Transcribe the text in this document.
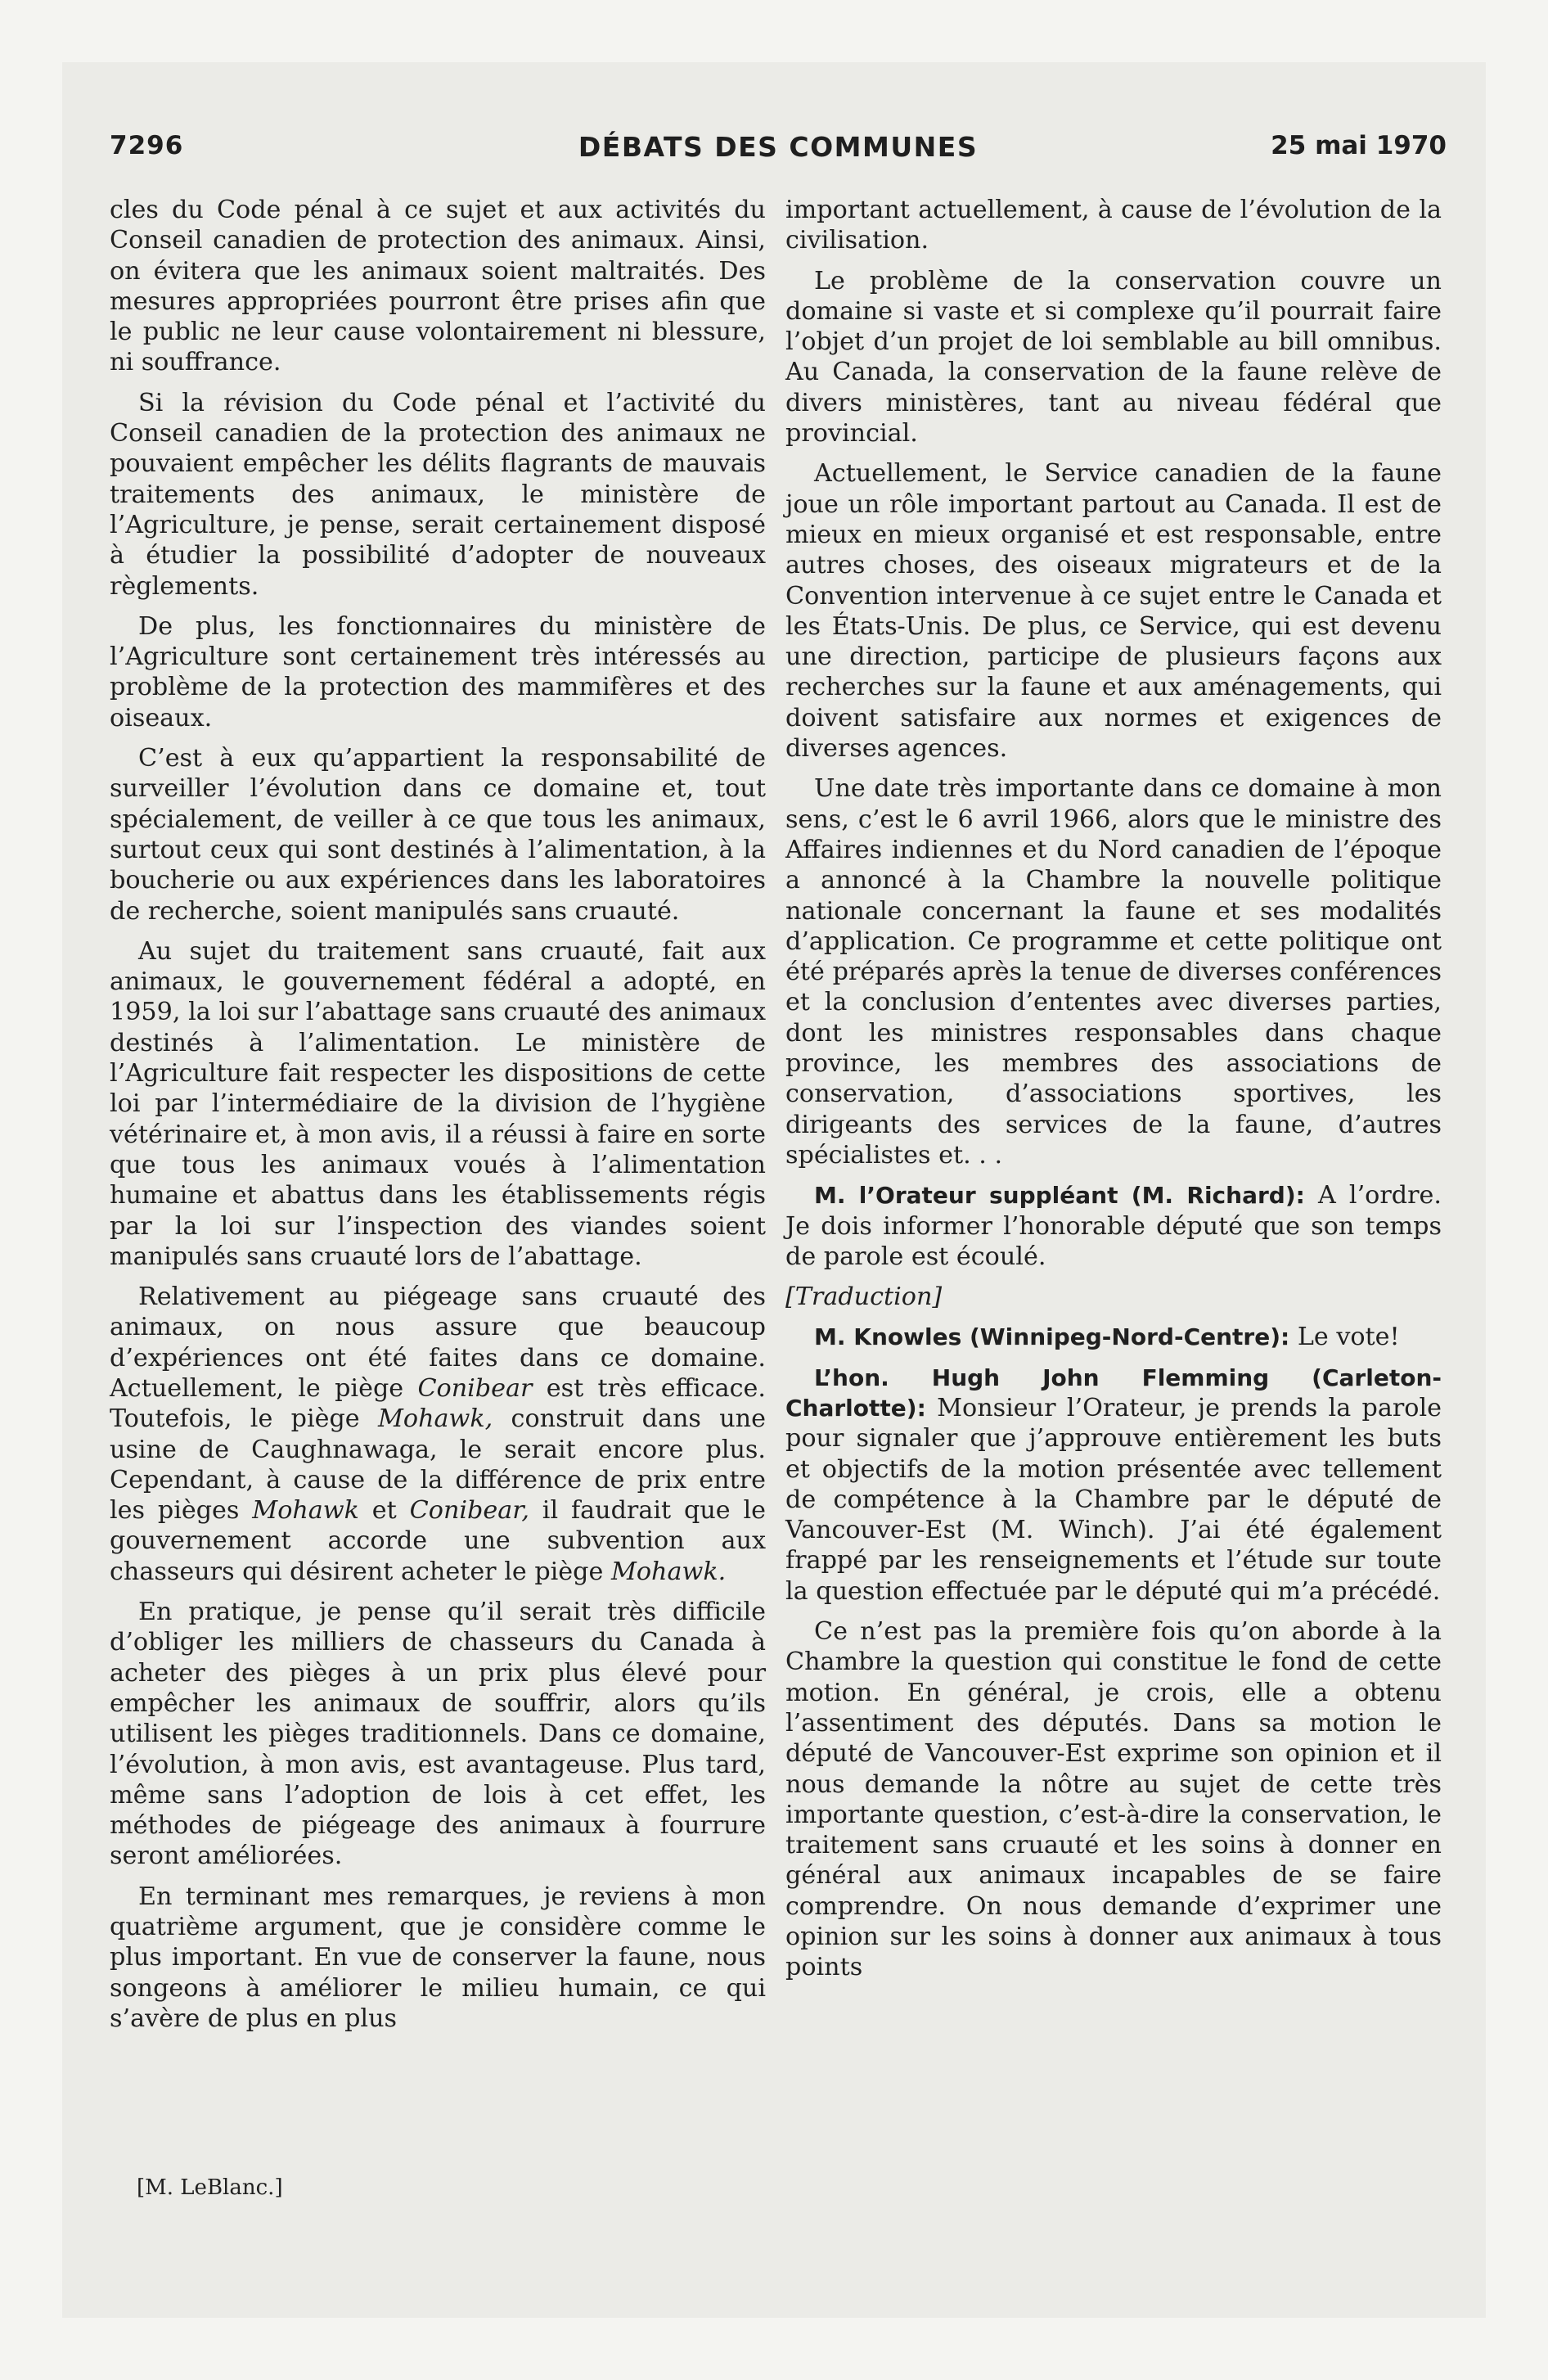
7296	DÉBATS DES COMMUNES	25 mai 1970

cles du Code pénal à ce sujet et aux activités du Conseil canadien de protection des animaux. Ainsi, on évitera que les animaux soient maltraités. Des mesures appropriées pourront être prises afin que le public ne leur cause volontairement ni blessure, ni souffrance.

Si la révision du Code pénal et l’activité du Conseil canadien de la protection des animaux ne pouvaient empêcher les délits flagrants de mauvais traitements des animaux, le ministère de l’Agriculture, je pense, serait certainement disposé à étudier la possibilité d’adopter de nouveaux règlements.

De plus, les fonctionnaires du ministère de l’Agriculture sont certainement très intéressés au problème de la protection des mammifères et des oiseaux.

C’est à eux qu’appartient la responsabilité de surveiller l’évolution dans ce domaine et, tout spécialement, de veiller à ce que tous les animaux, surtout ceux qui sont destinés à l’alimentation, à la boucherie ou aux expériences dans les laboratoires de recherche, soient manipulés sans cruauté.

Au sujet du traitement sans cruauté, fait aux animaux, le gouvernement fédéral a adopté, en 1959, la loi sur l’abattage sans cruauté des animaux destinés à l’alimentation. Le ministère de l’Agriculture fait respecter les dispositions de cette loi par l’intermédiaire de la division de l’hygiène vétérinaire et, à mon avis, il a réussi à faire en sorte que tous les animaux voués à l’alimentation humaine et abattus dans les établissements régis par la loi sur l’inspection des viandes soient manipulés sans cruauté lors de l’abattage.

Relativement au piégeage sans cruauté des animaux, on nous assure que beaucoup d’expériences ont été faites dans ce domaine. Actuellement, le piège Conibear est très efficace. Toutefois, le piège Mohawk, construit dans une usine de Caughnawaga, le serait encore plus. Cependant, à cause de la différence de prix entre les pièges Mohawk et Conibear, il faudrait que le gouvernement accorde une subvention aux chasseurs qui désirent acheter le piège Mohawk.

En pratique, je pense qu’il serait très difficile d’obliger les milliers de chasseurs du Canada à acheter des pièges à un prix plus élevé pour empêcher les animaux de souffrir, alors qu’ils utilisent les pièges traditionnels. Dans ce domaine, l’évolution, à mon avis, est avantageuse. Plus tard, même sans l’adoption de lois à cet effet, les méthodes de piégeage des animaux à fourrure seront améliorées.

En terminant mes remarques, je reviens à mon quatrième argument, que je considère comme le plus important. En vue de conserver la faune, nous songeons à améliorer le milieu humain, ce qui s’avère de plus en plus

important actuellement, à cause de l’évolution de la civilisation.

Le problème de la conservation couvre un domaine si vaste et si complexe qu’il pourrait faire l’objet d’un projet de loi semblable au bill omnibus. Au Canada, la conservation de la faune relève de divers ministères, tant au niveau fédéral que provincial.

Actuellement, le Service canadien de la faune joue un rôle important partout au Canada. Il est de mieux en mieux organisé et est responsable, entre autres choses, des oiseaux migrateurs et de la Convention intervenue à ce sujet entre le Canada et les États-Unis. De plus, ce Service, qui est devenu une direction, participe de plusieurs façons aux recherches sur la faune et aux aménagements, qui doivent satisfaire aux normes et exigences de diverses agences.

Une date très importante dans ce domaine à mon sens, c’est le 6 avril 1966, alors que le ministre des Affaires indiennes et du Nord canadien de l’époque a annoncé à la Chambre la nouvelle politique nationale concernant la faune et ses modalités d’application. Ce programme et cette politique ont été préparés après la tenue de diverses conférences et la conclusion d’ententes avec diverses parties, dont les ministres responsables dans chaque province, les membres des associations de conservation, d’associations sportives, les dirigeants des services de la faune, d’autres spécialistes et. . .

M. l’Orateur suppléant (M. Richard): A l’ordre. Je dois informer l’honorable député que son temps de parole est écoulé.

[Traduction]

M. Knowles (Winnipeg-Nord-Centre): Le vote!

L’hon. Hugh John Flemming (Carleton-Charlotte): Monsieur l’Orateur, je prends la parole pour signaler que j’approuve entièrement les buts et objectifs de la motion présentée avec tellement de compétence à la Chambre par le député de Vancouver-Est (M. Winch). J’ai été également frappé par les renseignements et l’étude sur toute la question effectuée par le député qui m’a précédé.

Ce n’est pas la première fois qu’on aborde à la Chambre la question qui constitue le fond de cette motion. En général, je crois, elle a obtenu l’assentiment des députés. Dans sa motion le député de Vancouver-Est exprime son opinion et il nous demande la nôtre au sujet de cette très importante question, c’est-à-dire la conservation, le traitement sans cruauté et les soins à donner en général aux animaux incapables de se faire comprendre. On nous demande d’exprimer une opinion sur les soins à donner aux animaux à tous points

[M. LeBlanc.]
